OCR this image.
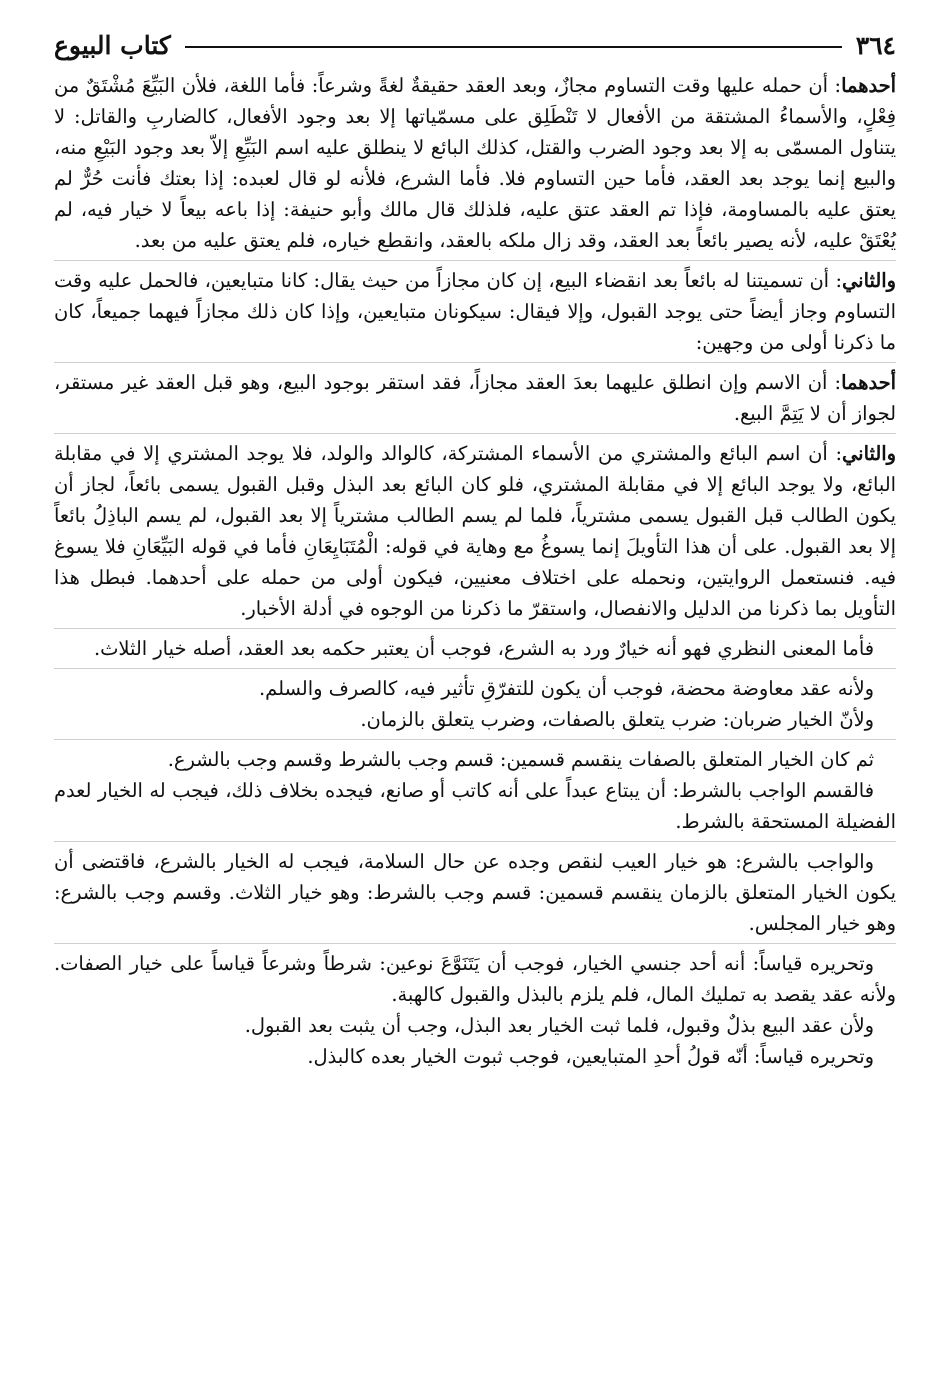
٣٦٤
كتاب البيوع

أحدهما: أن حمله عليها وقت التساوم مجازٌ، وبعد العقد حقيقةٌ لغةً وشرعاً: فأما اللغة، فلأن البَيِّعَ مُشْتَقٌ من فِعْلٍ، والأسماءُ المشتقة من الأفعال لا تَنْطَلِق على مسمّياتها إلا بعد وجود الأفعال، كالضاربِ والقاتل: لا يتناول المسمّى به إلا بعد وجود الضرب والقتل، كذلك البائع لا ينطلق عليه اسم البَيِّعِ إلاّ بعد وجود البَيْعِ منه، والبيع إنما يوجد بعد العقد، فأما حين التساوم فلا. فأما الشرع، فلأنه لو قال لعبده: إذا بعتك فأنت حُرٌّ لم يعتق عليه بالمساومة، فإذا تم العقد عتق عليه، فلذلك قال مالك وأبو حنيفة: إذا باعه بيعاً لا خيار فيه، لم يُعْتَقْ عليه، لأنه يصير بائعاً بعد العقد، وقد زال ملكه بالعقد، وانقطع خياره، فلم يعتق عليه من بعد.

والثاني: أن تسميتنا له بائعاً بعد انقضاء البيع، إن كان مجازاً من حيث يقال: كانا متبايعين، فالحمل عليه وقت التساوم وجاز أيضاً حتى يوجد القبول، وإلا فيقال: سيكونان متبايعين، وإذا كان ذلك مجازاً فيهما جميعاً، كان ما ذكرنا أولى من وجهين:

أحدهما: أن الاسم وإن انطلق عليهما بعدَ العقد مجازاً، فقد استقر بوجود البيع، وهو قبل العقد غير مستقر، لجواز أن لا يَتِمَّ البيع.

والثاني: أن اسم البائع والمشتري من الأسماء المشتركة، كالوالد والولد، فلا يوجد المشتري إلا في مقابلة البائع، ولا يوجد البائع إلا في مقابلة المشتري، فلو كان البائع بعد البذل وقبل القبول يسمى بائعاً، لجاز أن يكون الطالب قبل القبول يسمى مشترياً، فلما لم يسم الطالب مشترياً إلا بعد القبول، لم يسم الباذِلُ بائعاً إلا بعد القبول. على أن هذا التأويلَ إنما يسوغُ مع وهاية في قوله: الْمُتَبَايِعَانِ فأما في قوله البَيِّعَانِ فلا يسوغ فيه. فنستعمل الروايتين، ونحمله على اختلاف معنيين، فيكون أولى من حمله على أحدهما. فبطل هذا التأويل بما ذكرنا من الدليل والانفصال، واستقرّ ما ذكرنا من الوجوه في أدلة الأخبار.

فأما المعنى النظري فهو أنه خيارٌ ورد به الشرع، فوجب أن يعتبر حكمه بعد العقد، أصله خيار الثلاث.

ولأنه عقد معاوضة محضة، فوجب أن يكون للتفرّقِ تأثير فيه، كالصرف والسلم.

ولأنّ الخيار ضربان: ضرب يتعلق بالصفات، وضرب يتعلق بالزمان.

ثم كان الخيار المتعلق بالصفات ينقسم قسمين: قسم وجب بالشرط وقسم وجب بالشرع.

فالقسم الواجب بالشرط: أن يبتاع عبداً على أنه كاتب أو صانع، فيجده بخلاف ذلك، فيجب له الخيار لعدم الفضيلة المستحقة بالشرط.

والواجب بالشرع: هو خيار العيب لنقص وجده عن حال السلامة، فيجب له الخيار بالشرع، فاقتضى أن يكون الخيار المتعلق بالزمان ينقسم قسمين: قسم وجب بالشرط: وهو خيار الثلاث. وقسم وجب بالشرع: وهو خيار المجلس.

وتحريره قياساً: أنه أحد جنسي الخيار، فوجب أن يَتَنَوَّعَ نوعين: شرطاً وشرعاً قياساً على خيار الصفات. ولأنه عقد يقصد به تمليك المال، فلم يلزم بالبذل والقبول كالهبة.

ولأن عقد البيع بذلٌ وقبول، فلما ثبت الخيار بعد البذل، وجب أن يثبت بعد القبول.

وتحريره قياساً: أنّه قولُ أحدِ المتبايعين، فوجب ثبوت الخيار بعده كالبذل.
